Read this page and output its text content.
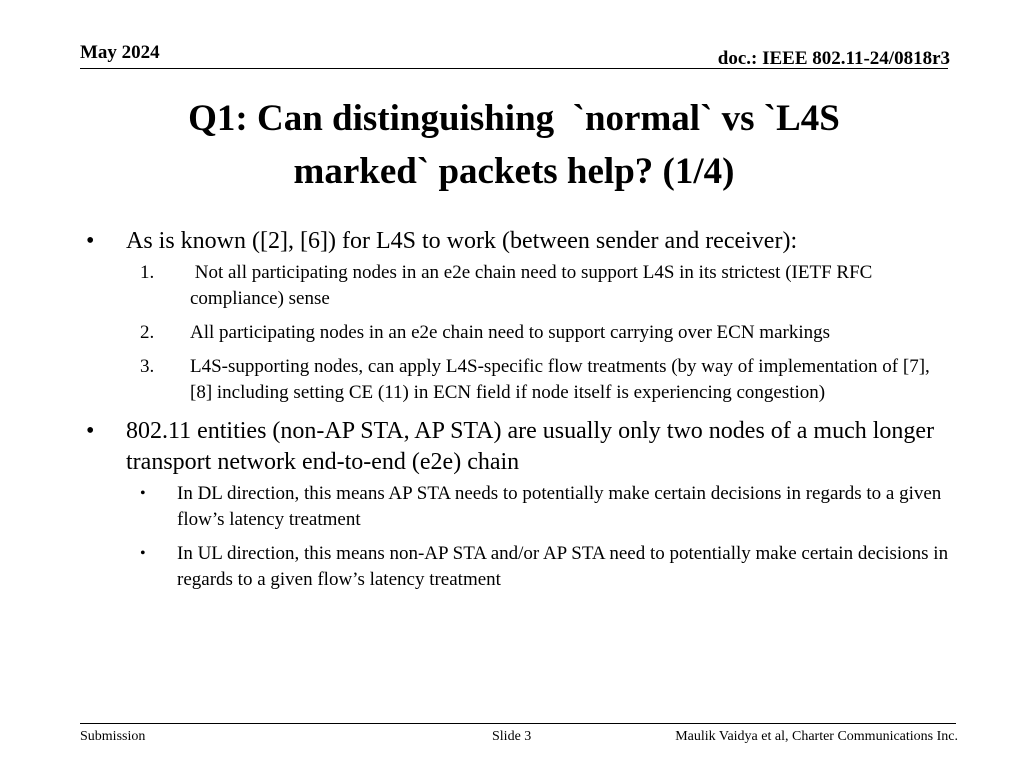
May 2024	doc.: IEEE 802.11-24/0818r3
Q1: Can distinguishing  `normal` vs `L4S
marked` packets help? (1/4)
• As is known ([2], [6]) for L4S to work (between sender and receiver):
1. Not all participating nodes in an e2e chain need to support L4S in its strictest (IETF RFC compliance) sense
2. All participating nodes in an e2e chain need to support carrying over ECN markings
3. L4S-supporting nodes, can apply L4S-specific flow treatments (by way of implementation of [7],[8] including setting CE (11) in ECN field if node itself is experiencing congestion)
• 802.11 entities (non-AP STA, AP STA) are usually only two nodes of a much longer transport network end-to-end (e2e) chain
• In DL direction, this means AP STA needs to potentially make certain decisions in regards to a given flow’s latency treatment
• In UL direction, this means non-AP STA and/or AP STA need to potentially make certain decisions in regards to a given flow’s latency treatment
Submission	Slide 3	Maulik Vaidya et al, Charter Communications Inc.
